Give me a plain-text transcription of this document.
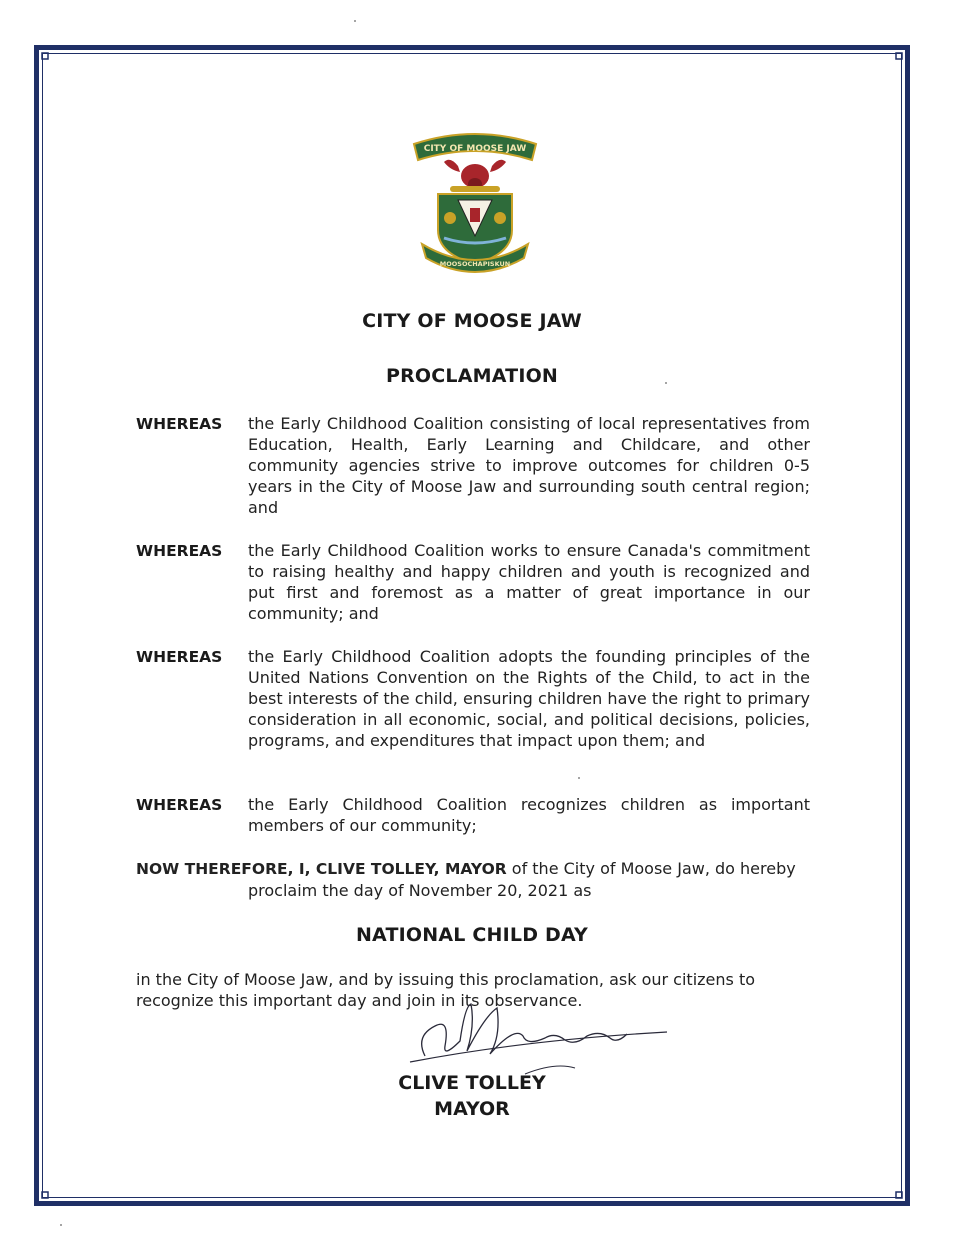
CITY OF MOOSE JAW
MOOSOCHAPISKUN
CITY OF MOOSE JAW
PROCLAMATION
WHEREAS the Early Childhood Coalition consisting of local representatives from Education, Health, Early Learning and Childcare, and other community agencies strive to improve outcomes for children 0-5 years in the City of Moose Jaw and surrounding south central region; and
WHEREAS the Early Childhood Coalition works to ensure Canada's commitment to raising healthy and happy children and youth is recognized and put first and foremost as a matter of great importance in our community; and
WHEREAS the Early Childhood Coalition adopts the founding principles of the United Nations Convention on the Rights of the Child, to act in the best interests of the child, ensuring children have the right to primary consideration in all economic, social, and political decisions, policies, programs, and expenditures that impact upon them; and
WHEREAS the Early Childhood Coalition recognizes children as important members of our community;
NOW THEREFORE, I, CLIVE TOLLEY, MAYOR of the City of Moose Jaw, do hereby
proclaim the day of November 20, 2021 as
NATIONAL CHILD DAY
in the City of Moose Jaw, and by issuing this proclamation, ask our citizens to recognize this important day and join in its observance.
CLIVE TOLLEY
MAYOR
